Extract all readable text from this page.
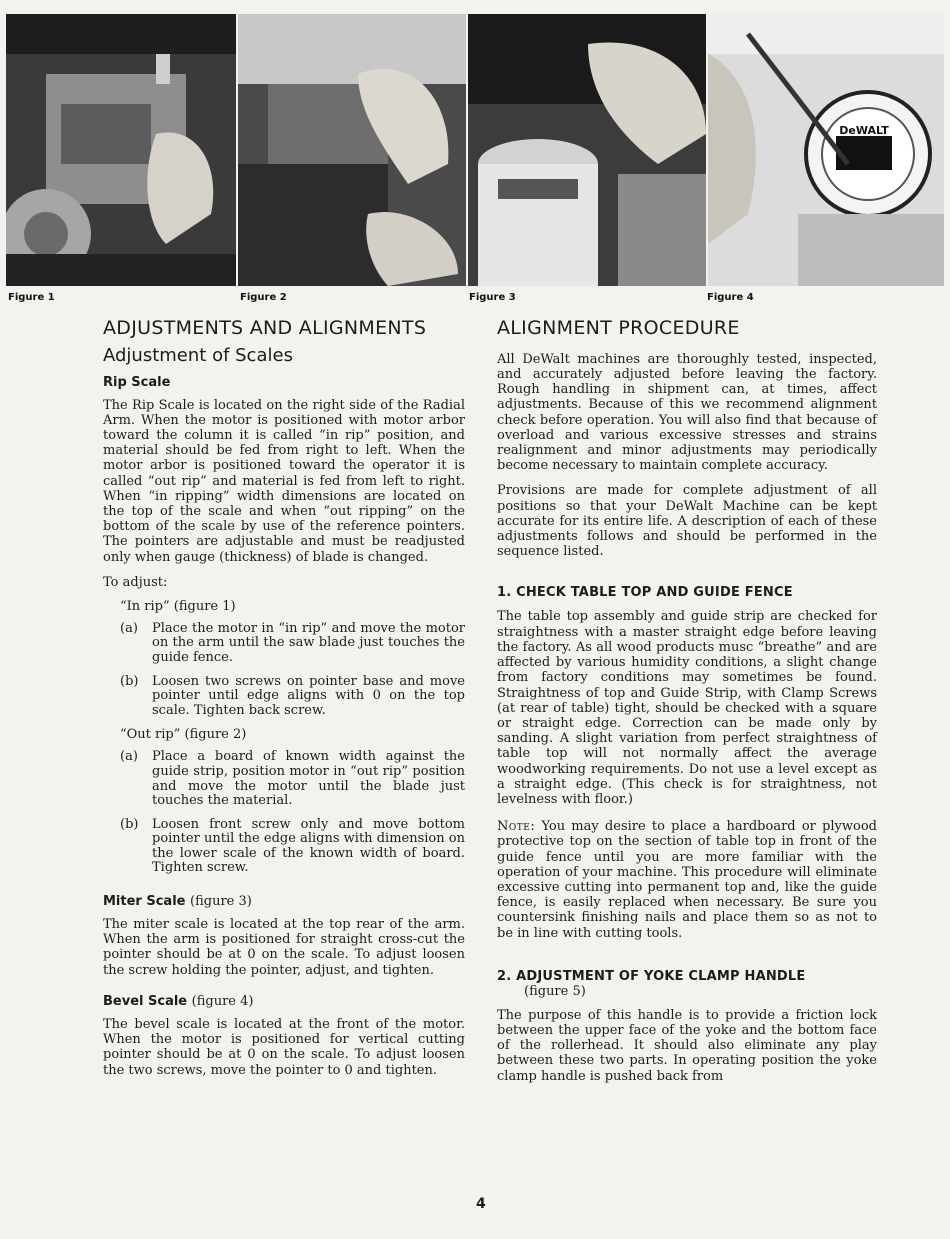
DeWALT
Figure 1	Figure 2	Figure 3	Figure 4
ADJUSTMENTS AND ALIGNMENTS
Adjustment of Scales
Rip Scale

The Rip Scale is located on the right side of the Radial Arm. When the motor is positioned with motor arbor toward the column it is called “in rip” position, and material should be fed from right to left. When the motor arbor is positioned toward the operator it is called “out rip” and material is fed from left to right. When “in ripping” width dimensions are located on the top of the scale and when “out ripping” on the bottom of the scale by use of the reference pointers. The pointers are adjustable and must be readjusted only when gauge (thickness) of blade is changed.

To adjust:
“In rip” (figure 1)
(a)	Place the motor in “in rip” and move the motor on the arm until the saw blade just touches the guide fence.
(b)	Loosen two screws on pointer base and move pointer until edge aligns with 0 on the top scale. Tighten back screw.
“Out rip” (figure 2)
(a)	Place a board of known width against the guide strip, position motor in “out rip” position and move the motor until the blade just touches the material.
(b)	Loosen front screw only and move bottom pointer until the edge aligns with dimension on the lower scale of the known width of board. Tighten screw.
Miter Scale (figure 3)

The miter scale is located at the top rear of the arm. When the arm is positioned for straight cross-cut the pointer should be at 0 on the scale. To adjust loosen the screw holding the pointer, adjust, and tighten.

Bevel Scale (figure 4)

The bevel scale is located at the front of the motor. When the motor is positioned for vertical cutting pointer should be at 0 on the scale. To adjust loosen the two screws, move the pointer to 0 and tighten.

ALIGNMENT PROCEDURE

All DeWalt machines are thoroughly tested, inspected, and accurately adjusted before leaving the factory. Rough handling in shipment can, at times, affect adjustments. Because of this we recommend alignment check before operation. You will also find that because of overload and various excessive stresses and strains realignment and minor adjustments may periodically become necessary to maintain complete accuracy.

Provisions are made for complete adjustment of all positions so that your DeWalt Machine can be kept accurate for its entire life. A description of each of these adjustments follows and should be performed in the sequence listed.

1. CHECK TABLE TOP AND GUIDE FENCE

The table top assembly and guide strip are checked for straightness with a master straight edge before leaving the factory. As all wood products musc “breathe” and are affected by various humidity conditions, a slight change from factory conditions may sometimes be found. Straightness of top and Guide Strip, with Clamp Screws (at rear of table) tight, should be checked with a square or straight edge. Correction can be made only by sanding. A slight variation from perfect straightness of table top will not normally affect the average woodworking requirements. Do not use a level except as a straight edge. (This check is for straightness, not levelness with floor.)

Note: You may desire to place a hardboard or plywood protective top on the section of table top in front of the guide fence until you are more familiar with the operation of your machine. This procedure will eliminate excessive cutting into permanent top and, like the guide fence, is easily replaced when necessary. Be sure you countersink finishing nails and place them so as not to be in line with cutting tools.

2. ADJUSTMENT OF YOKE CLAMP HANDLE
(figure 5)

The purpose of this handle is to provide a friction lock between the upper face of the yoke and the bottom face of the rollerhead. It should also eliminate any play between these two parts. In operating position the yoke clamp handle is pushed back from

4
